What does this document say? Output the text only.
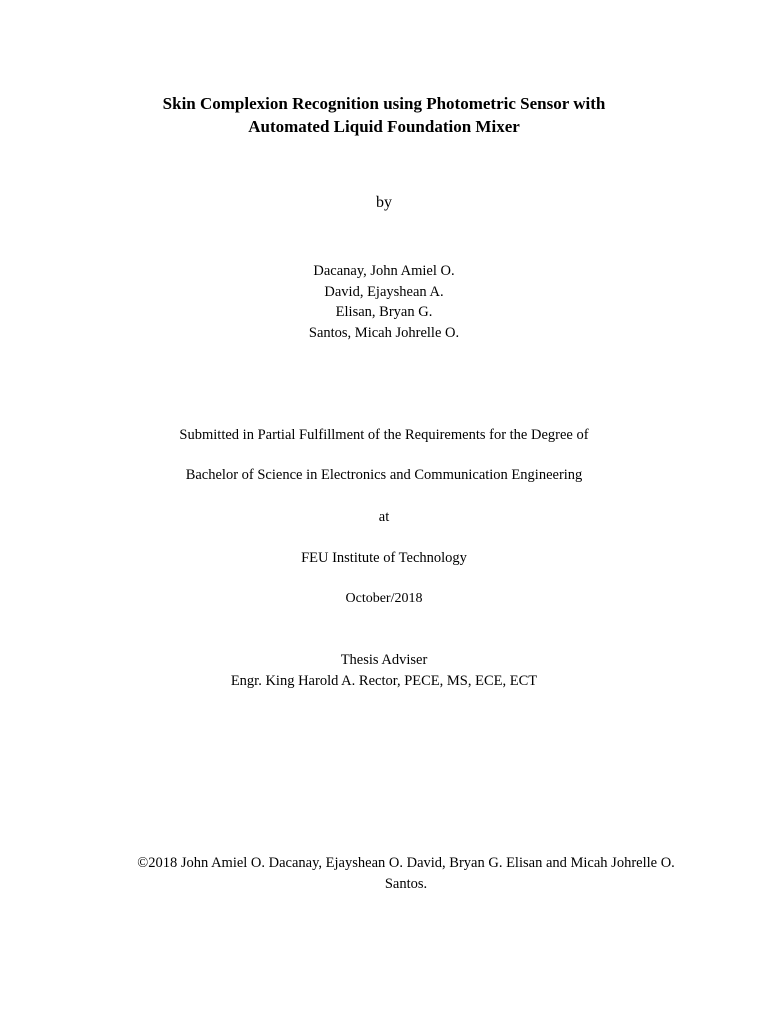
Skin Complexion Recognition using Photometric Sensor with
Automated Liquid Foundation Mixer
by
Dacanay, John Amiel O.
David, Ejayshean A.
Elisan, Bryan G.
Santos, Micah Johrelle O.
Submitted in Partial Fulfillment of the Requirements for the Degree of
Bachelor of Science in Electronics and Communication Engineering
at
FEU Institute of Technology
October/2018
Thesis Adviser
Engr. King Harold A. Rector, PECE, MS, ECE, ECT
©2018 John Amiel O. Dacanay, Ejayshean O. David, Bryan G. Elisan and Micah Johrelle O. Santos.
